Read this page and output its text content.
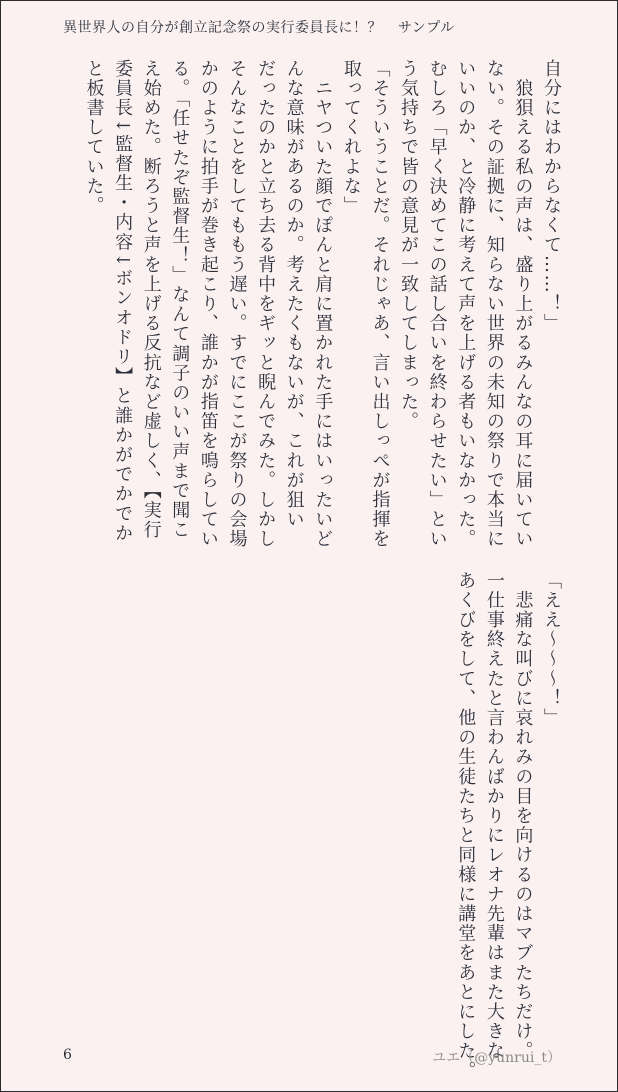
異世界人の自分が創立記念祭の実行委員長に！？ サンプル
自分にはわからなくて……！」
　狼狽える私の声は、盛り上がるみんなの耳に届いてい
ない。その証拠に、知らない世界の未知の祭りで本当に
いいのか、と冷静に考えて声を上げる者もいなかった。
むしろ「早く決めてこの話し合いを終わらせたい」とい
う気持ちで皆の意見が一致してしまった。
「そういうことだ。それじゃあ、言い出しっぺが指揮を
取ってくれよな」
　ニヤついた顔でぽんと肩に置かれた手にはいったいど
んな意味があるのか。考えたくもないが、これが狙い
だったのかと立ち去る背中をギッと睨んでみた。しかし
そんなことをしてももう遅い。すでにここが祭りの会場
かのように拍手が巻き起こり、誰かが指笛を鳴らしてい
る。「任せたぞ監督生！」なんて調子のいい声まで聞こ
え始めた。断ろうと声を上げる反抗など虚しく、【実行
委員長↓監督生・内容↓ボンオドリ】と誰かがでかでか
と板書していた。
「ええ〜〜〜！」
　悲痛な叫びに哀れみの目を向けるのはマブたちだけ。
一仕事終えたと言わんばかりにレオナ先輩はまた大きな
あくびをして、他の生徒たちと同様に講堂をあとにした。
6	ユエ（@yunrui_t）
